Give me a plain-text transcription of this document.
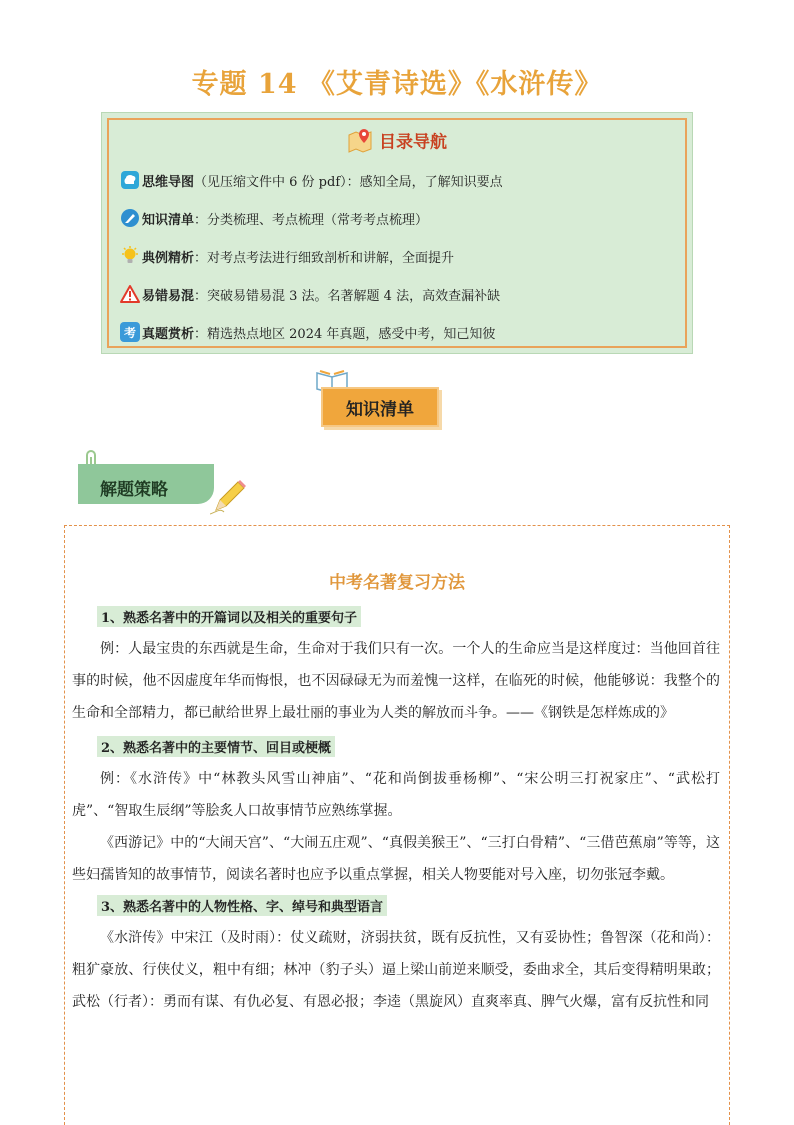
专题 14 《艾青诗选》《水浒传》
目录导航
思维导图 （见压缩文件中 6 份 pdf）：感知全局，了解知识要点
知识清单 ：分类梳理、考点梳理（常考考点梳理）
典例精析 ：对考点考法进行细致剖析和讲解，全面提升
易错易混 ：突破易错易混 3 法。名著解题 4 法，高效查漏补缺
考 真题赏析 ：精选热点地区 2024 年真题，感受中考，知己知彼
知识清单
解题策略
中考名著复习方法
1、熟悉名著中的开篇词以及相关的重要句子
例：人最宝贵的东西就是生命，生命对于我们只有一次。一个人的生命应当是这样度过：当他回首往事的时候，他不因虚度年华而悔恨，也不因碌碌无为而羞愧一这样，在临死的时候，他能够说：我整个的生命和全部精力，都已献给世界上最壮丽的事业为人类的解放而斗争。——《钢铁是怎样炼成的》
2、熟悉名著中的主要情节、回目或梗概
例：《水浒传》中“林教头风雪山神庙”、“花和尚倒拔垂杨柳”、“宋公明三打祝家庄”、“武松打虎”、“智取生辰纲”等脍炙人口故事情节应熟练掌握。
《西游记》中的“大闹天宫”、“大闹五庄观”、“真假美猴王”、“三打白骨精”、“三借芭蕉扇”等等，这些妇孺皆知的故事情节，阅读名著时也应予以重点掌握，相关人物要能对号入座，切勿张冠李戴。
3、熟悉名著中的人物性格、字、绰号和典型语言
《水浒传》中宋江（及时雨）：仗义疏财，济弱扶贫，既有反抗性，又有妥协性；鲁智深（花和尚）：粗犷豪放、行侠仗义，粗中有细；林冲（豹子头）逼上梁山前逆来顺受，委曲求全，其后变得精明果敢；武松（行者）：勇而有谋、有仇必复、有恩必报；李逵（黑旋风）直爽率真、脾气火爆，富有反抗性和同
